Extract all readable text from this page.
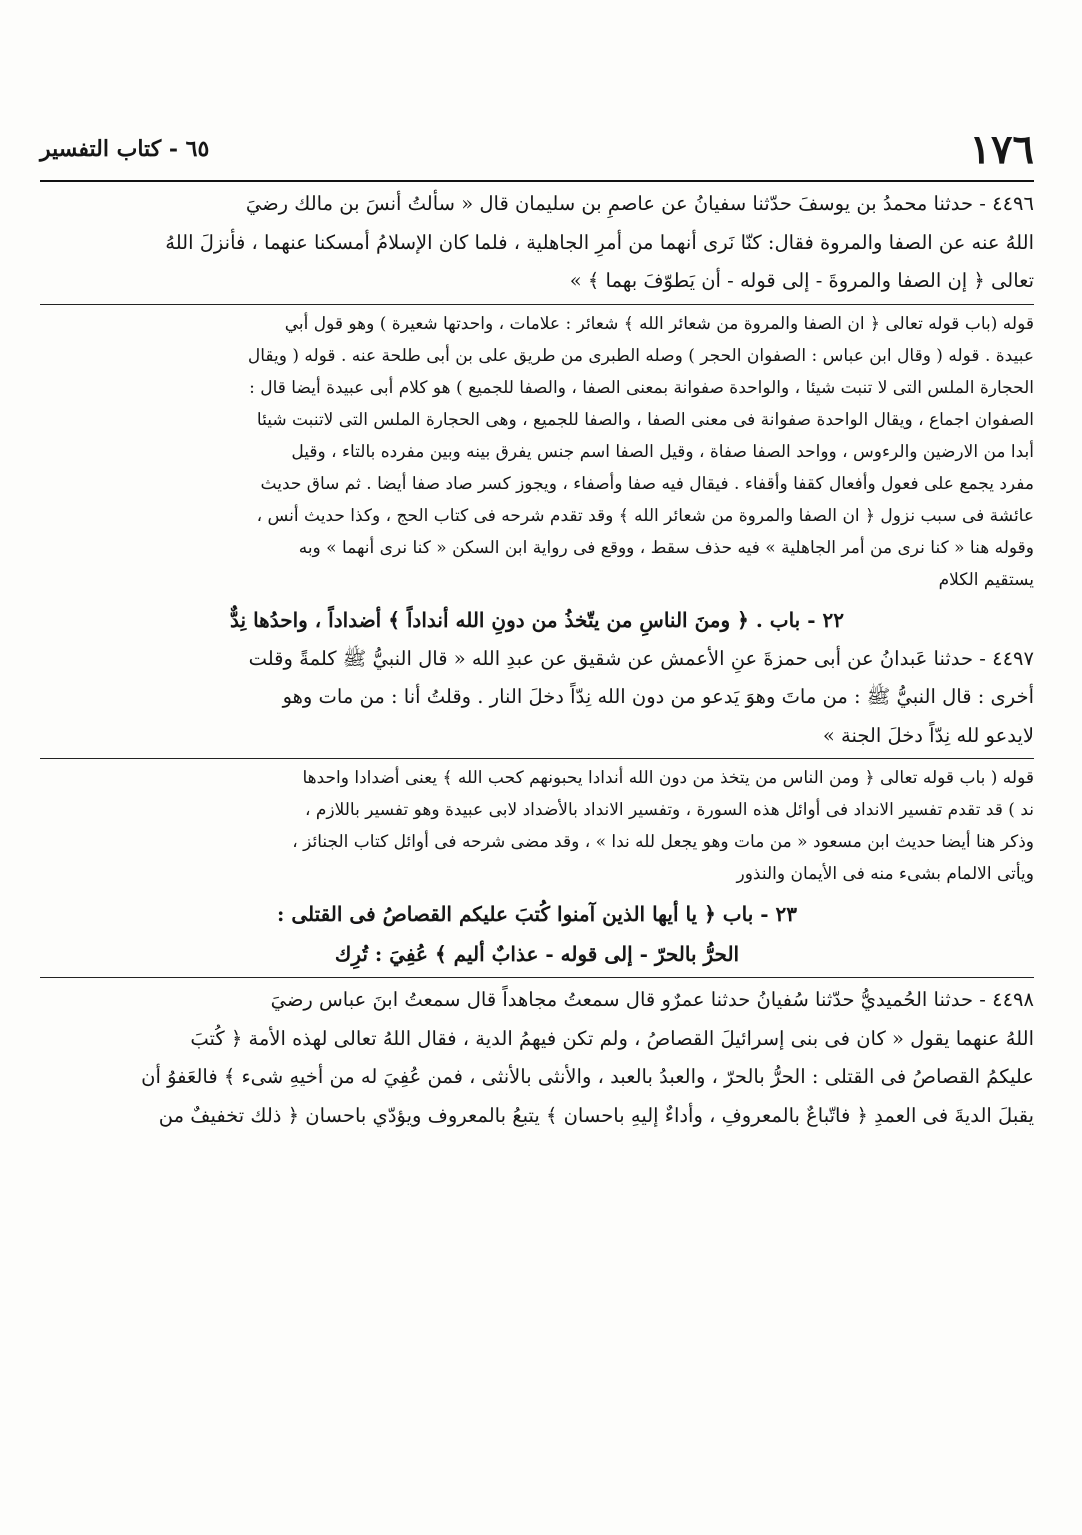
١٧٦
٦٥ - كتاب التفسير

٤٤٩٦ - حدثنا محمدُ بن يوسفَ حدّثنا سفيانُ عن عاصمِ بن سليمان قال « سألتُ أنسَ بن مالك رضيَ

اللهُ عنه عن الصفا والمروة فقال: كنّا نَرى أنهما من أمرِ الجاهلية ، فلما كان الإسلامُ أمسكنا عنهما ، فأنزلَ اللهُ

تعالى ﴿ إن الصفا والمروةَ - إلى قوله - أن يَطوّفَ بهما ﴾ »

قوله (باب قوله تعالى ﴿ ان الصفا والمروة من شعائر الله ﴾ شعائر : علامات ، واحدتها شعيرة ) وهو قول أبي

عبيدة . قوله ( وقال ابن عباس : الصفوان الحجر ) وصله الطبرى من طريق على بن أبى طلحة عنه . قوله ( ويقال

الحجارة الملس التى لا تنبت شيئا ، والواحدة صفوانة بمعنى الصفا ، والصفا للجميع ) هو كلام أبى عبيدة أيضا قال :

الصفوان اجماع ، ويقال الواحدة صفوانة فى معنى الصفا ، والصفا للجميع ، وهى الحجارة الملس التى لاتنبت شيئا

أبدا من الارضين والرءوس ، وواحد الصفا صفاة ، وقيل الصفا اسم جنس يفرق بينه وبين مفرده بالتاء ، وقيل

مفرد يجمع على فعول وأفعال كقفا وأقفاء . فيقال فيه صفا وأصفاء ، ويجوز كسر صاد صفا أيضا . ثم ساق حديث

عائشة فى سبب نزول ﴿ ان الصفا والمروة من شعائر الله ﴾ وقد تقدم شرحه فى كتاب الحج ، وكذا حديث أنس ،

وقوله هنا « كنا نرى من أمر الجاهلية » فيه حذف سقط ، ووقع فى رواية ابن السكن « كنا نرى أنهما » وبه

يستقيم الكلام

٢٢ - باب . ﴿ ومنَ الناسِ من يتّخذُ من دونِ الله أنداداً ﴾ أضداداً ، واحدُها نِدٌّ

٤٤٩٧ - حدثنا عَبدانُ عن أبى حمزةَ عنِ الأعمش عن شقيق عن عبدِ الله « قال النبيُّ ﷺ كلمةً وقلت

أخرى : قال النبيُّ ﷺ : من ماتَ وهوَ يَدعو من دون الله نِدّاً دخلَ النار . وقلتُ أنا : من مات وهو

لايدعو لله نِدّاً دخلَ الجنة »

قوله ( باب قوله تعالى ﴿ ومن الناس من يتخذ من دون الله أندادا يحبونهم كحب الله ﴾ يعنى أضدادا واحدها

ند ) قد تقدم تفسير الانداد فى أوائل هذه السورة ، وتفسير الانداد بالأضداد لابى عبيدة وهو تفسير باللازم ،

وذكر هنا أيضا حديث ابن مسعود « من مات وهو يجعل لله ندا » ، وقد مضى شرحه فى أوائل كتاب الجنائز ،

ويأتى الالمام بشىء منه فى الأيمان والنذور

٢٣ - باب ﴿ يا أيها الذين آمنوا كُتبَ عليكم القصاصُ فى القتلى :

الحرُّ بالحرّ - إلى قوله - عذابٌ أليم ﴾ عُفِيَ : تُرِك

٤٤٩٨ - حدثنا الحُميديُّ حدّثنا سُفيانُ حدثنا عمرٌو قال سمعتُ مجاهداً قال سمعتُ ابنَ عباس رضيَ

اللهُ عنهما يقول « كان فى بنى إسرائيلَ القصاصُ ، ولم تكن فيهمُ الدية ، فقال اللهُ تعالى لهذه الأمة ﴿ كُتبَ

عليكمُ القصاصُ فى القتلى : الحرُّ بالحرّ ، والعبدُ بالعبد ، والأنثى بالأنثى ، فمن عُفِيَ له من أخيهِ شىء ﴾ فالعَفوُ أن

يقبلَ الديةَ فى العمدِ ﴿ فاتّباعٌ بالمعروفِ ، وأداءٌ إليهِ باحسان ﴾ يتبعُ بالمعروف ويؤدّي باحسان ﴿ ذلك تخفيفٌ من
